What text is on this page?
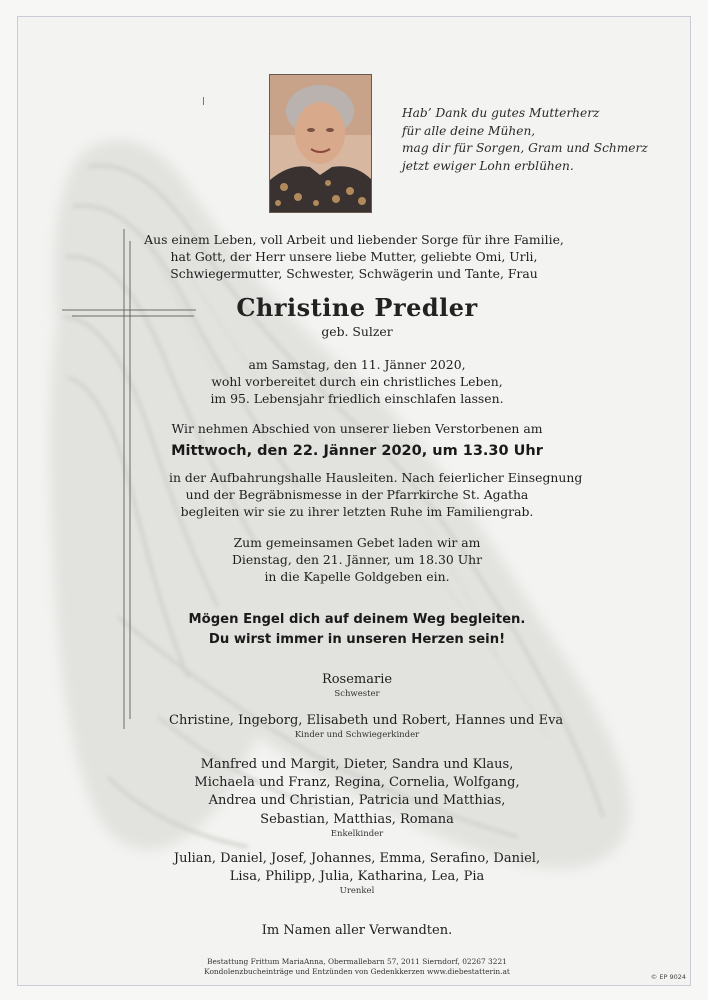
Hab’ Dank du gutes Mutterherz
für alle deine Mühen,
mag dir für Sorgen, Gram und Schmerz
jetzt ewiger Lohn erblühen.
Aus einem Leben, voll Arbeit und liebender Sorge für ihre Familie,
hat Gott, der Herr unsere liebe Mutter, geliebte Omi, Urli,
Schwiegermutter, Schwester, Schwägerin und Tante, Frau
Christine Predler
geb. Sulzer
am Samstag, den 11. Jänner 2020,
wohl vorbereitet durch ein christliches Leben,
im 95. Lebensjahr friedlich einschlafen lassen.
Wir nehmen Abschied von unserer lieben Verstorbenen am
Mittwoch, den 22. Jänner 2020, um 13.30 Uhr
in der Aufbahrungshalle Hausleiten. Nach feierlicher Einsegnung
und der Begräbnismesse in der Pfarrkirche St. Agatha
begleiten wir sie zu ihrer letzten Ruhe im Familiengrab.
Zum gemeinsamen Gebet laden wir am
Dienstag, den 21. Jänner, um 18.30 Uhr
in die Kapelle Goldgeben ein.
Mögen Engel dich auf deinem Weg begleiten.
Du wirst immer in unseren Herzen sein!
Rosemarie
Schwester
Christine, Ingeborg, Elisabeth und Robert, Hannes und Eva
Kinder und Schwiegerkinder
Manfred und Margit, Dieter, Sandra und Klaus,
Michaela und Franz, Regina, Cornelia, Wolfgang,
Andrea und Christian, Patricia und Matthias,
Sebastian, Matthias, Romana
Enkelkinder
Julian, Daniel, Josef, Johannes, Emma, Serafino, Daniel,
Lisa, Philipp, Julia, Katharina, Lea, Pia
Urenkel
Im Namen aller Verwandten.
Bestattung Frittum MariaAnna, Obermallebarn 57, 2011 Sierndorf, 02267 3221
Kondolenzbucheinträge und Entzünden von Gedenkkerzen www.diebestatterin.at
© EP 9024
